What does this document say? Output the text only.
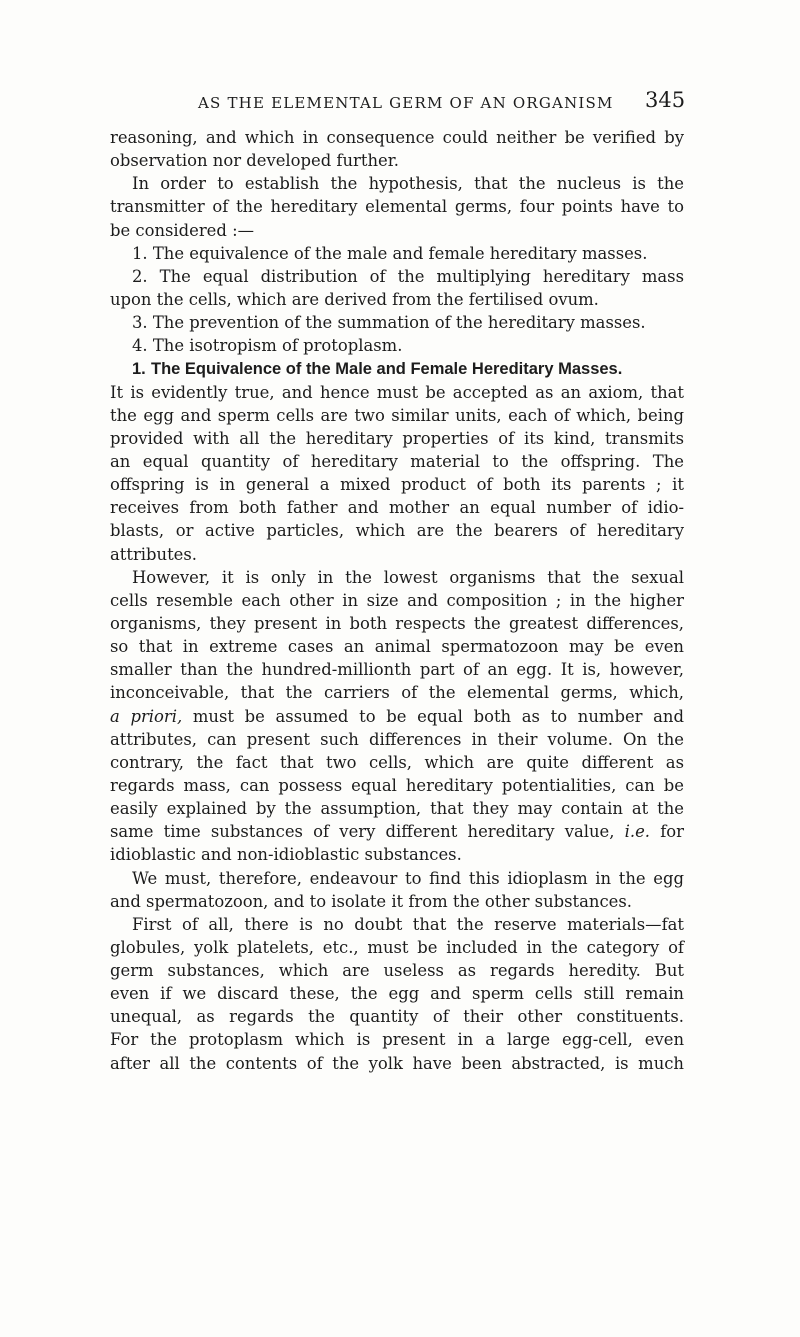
AS THE ELEMENTAL GERM OF AN ORGANISM 345
reasoning, and which in consequence could neither be verified by
observation nor developed further.
In order to establish the hypothesis, that the nucleus is the
transmitter of the hereditary elemental germs, four points have to
be considered :—
1. The equivalence of the male and female hereditary masses.
2. The equal distribution of the multiplying hereditary mass
upon the cells, which are derived from the fertilised ovum.
3. The prevention of the summation of the hereditary masses.
4. The isotropism of protoplasm.
1. The Equivalence of the Male and Female Hereditary Masses.
It is evidently true, and hence must be accepted as an axiom, that
the egg and sperm cells are two similar units, each of which, being
provided with all the hereditary properties of its kind, transmits
an equal quantity of hereditary material to the offspring. The
offspring is in general a mixed product of both its parents ; it
receives from both father and mother an equal number of idio-
blasts, or active particles, which are the bearers of hereditary
attributes.
However, it is only in the lowest organisms that the sexual
cells resemble each other in size and composition ; in the higher
organisms, they present in both respects the greatest differences,
so that in extreme cases an animal spermatozoon may be even
smaller than the hundred-millionth part of an egg. It is, however,
inconceivable, that the carriers of the elemental germs, which,
a priori, must be assumed to be equal both as to number and
attributes, can present such differences in their volume. On the
contrary, the fact that two cells, which are quite different as
regards mass, can possess equal hereditary potentialities, can be
easily explained by the assumption, that they may contain at the
same time substances of very different hereditary value, i.e. for
idioblastic and non-idioblastic substances.
We must, therefore, endeavour to find this idioplasm in the egg
and spermatozoon, and to isolate it from the other substances.
First of all, there is no doubt that the reserve materials—fat
globules, yolk platelets, etc., must be included in the category of
germ substances, which are useless as regards heredity. But
even if we discard these, the egg and sperm cells still remain
unequal, as regards the quantity of their other constituents.
For the protoplasm which is present in a large egg-cell, even
after all the contents of the yolk have been abstracted, is much
